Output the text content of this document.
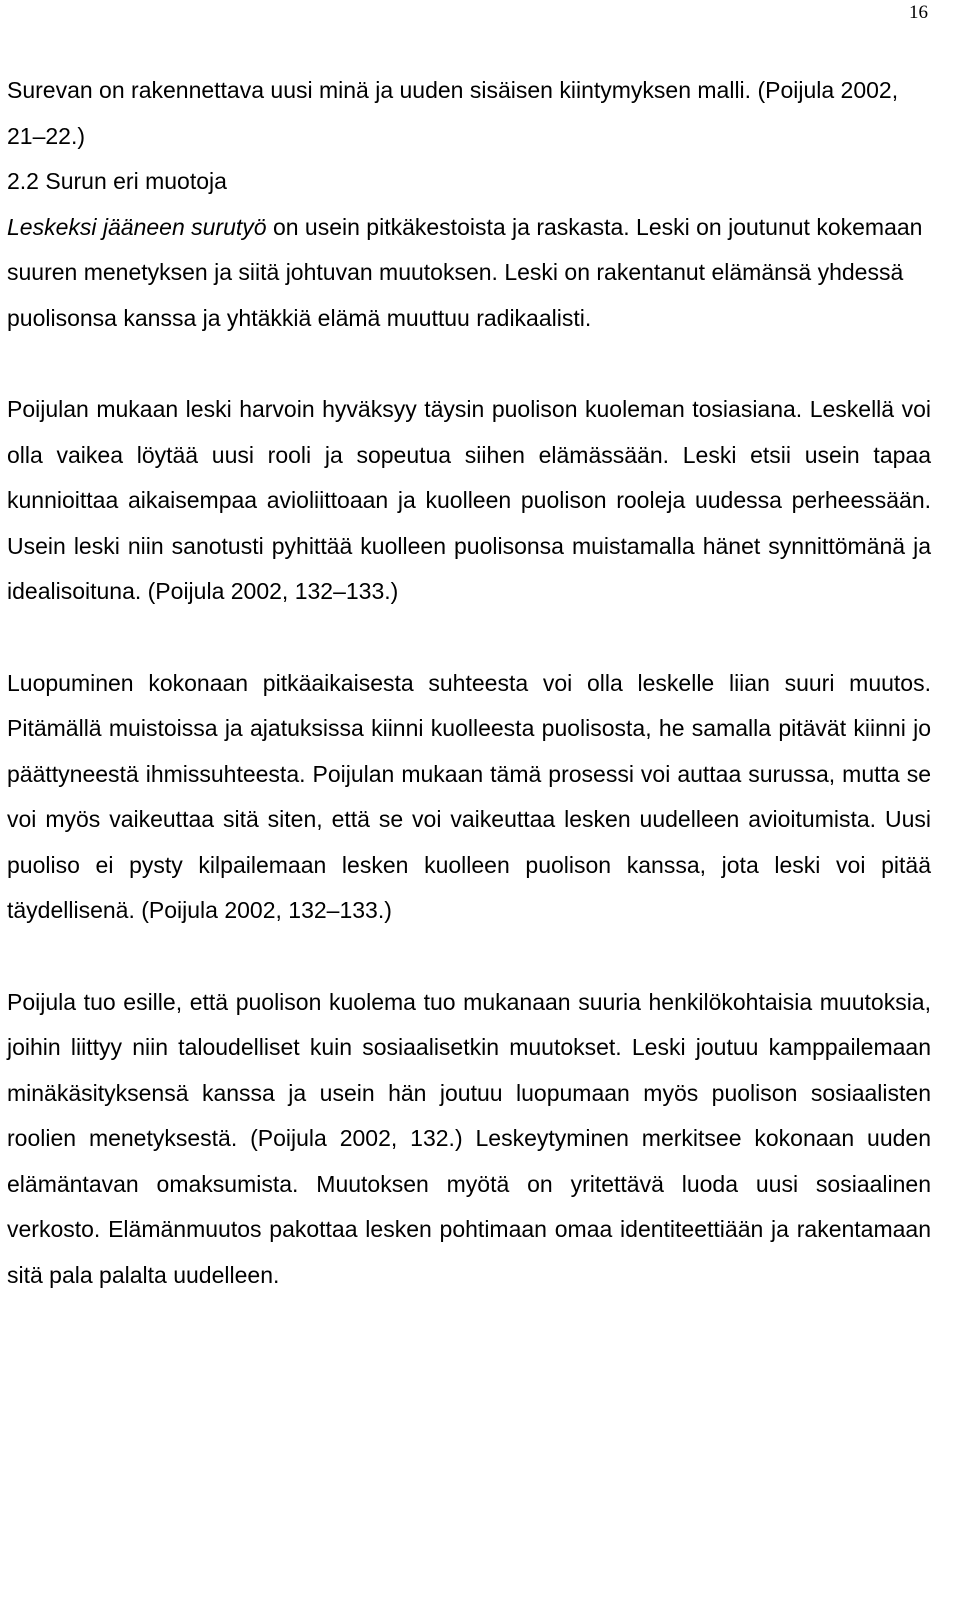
16

Surevan on rakennettava uusi minä ja uuden sisäisen kiintymyksen malli. (Poijula 2002, 21–22.)

2.2 Surun eri muotoja

Leskeksi jääneen surutyö on usein pitkäkestoista ja raskasta. Leski on joutunut kokemaan suuren menetyksen ja siitä johtuvan muutoksen. Leski on rakentanut elämänsä yhdessä puolisonsa kanssa ja yhtäkkiä elämä muuttuu radikaalisti.

Poijulan mukaan leski harvoin hyväksyy täysin puolison kuoleman tosiasiana. Leskellä voi olla vaikea löytää uusi rooli ja sopeutua siihen elämässään. Leski etsii usein tapaa kunnioittaa aikaisempaa avioliittoaan ja kuolleen puolison rooleja uudessa perheessään. Usein leski niin sanotusti pyhittää kuolleen puolisonsa muistamalla hänet synnittömänä ja idealisoituna. (Poijula 2002, 132–133.)

Luopuminen kokonaan pitkäaikaisesta suhteesta voi olla leskelle liian suuri muutos. Pitämällä muistoissa ja ajatuksissa kiinni kuolleesta puolisosta, he samalla pitävät kiinni jo päättyneestä ihmissuhteesta. Poijulan mukaan tämä prosessi voi auttaa surussa, mutta se voi myös vaikeuttaa sitä siten, että se voi vaikeuttaa lesken uudelleen avioitumista. Uusi puoliso ei pysty kilpailemaan lesken kuolleen puolison kanssa, jota leski voi pitää täydellisenä. (Poijula 2002, 132–133.)

Poijula tuo esille, että puolison kuolema tuo mukanaan suuria henkilökohtaisia muutoksia, joihin liittyy niin taloudelliset kuin sosiaalisetkin muutokset. Leski joutuu kamppailemaan minäkäsityksensä kanssa ja usein hän joutuu luopumaan myös puolison sosiaalisten roolien menetyksestä. (Poijula 2002, 132.) Leskeytyminen merkitsee kokonaan uuden elämäntavan omaksumista. Muutoksen myötä on yritettävä luoda uusi sosiaalinen verkosto. Elämänmuutos pakottaa lesken pohtimaan omaa identiteettiään ja rakentamaan sitä pala palalta uudelleen.
